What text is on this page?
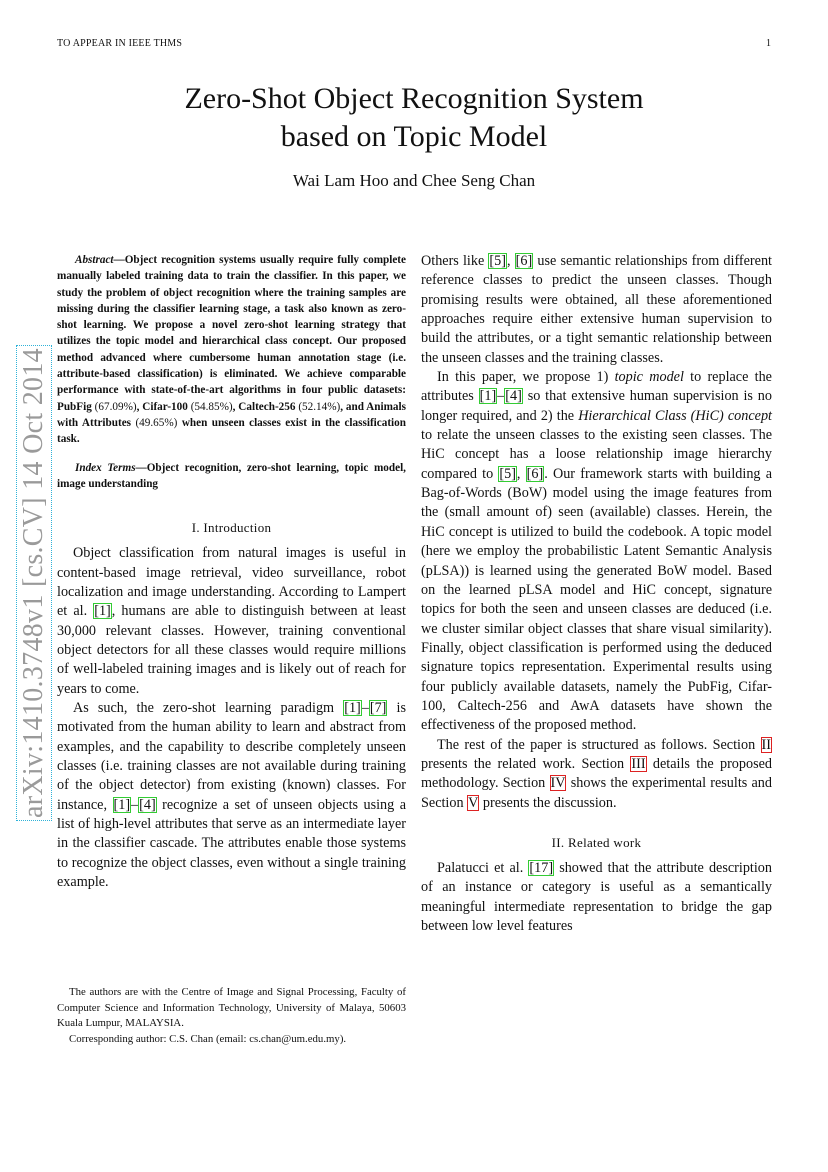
TO APPEAR IN IEEE THMS	1
Zero-Shot Object Recognition System
based on Topic Model
Wai Lam Hoo and Chee Seng Chan
arXiv:1410.3748v1 [cs.CV] 14 Oct 2014

Abstract—Object recognition systems usually require fully complete manually labeled training data to train the classifier. In this paper, we study the problem of object recognition where the training samples are missing during the classifier learning stage, a task also known as zero-shot learning. We propose a novel zero-shot learning strategy that utilizes the topic model and hierarchical class concept. Our proposed method advanced where cumbersome human annotation stage (i.e. attribute-based classification) is eliminated. We achieve comparable performance with state-of-the-art algorithms in four public datasets: PubFig (67.09%), Cifar-100 (54.85%), Caltech-256 (52.14%), and Animals with Attributes (49.65%) when unseen classes exist in the classification task.

Index Terms—Object recognition, zero-shot learning, topic model, image understanding

I. Introduction

Object classification from natural images is useful in content-based image retrieval, video surveillance, robot localization and image understanding. According to Lampert et al. [1], humans are able to distinguish between at least 30,000 relevant classes. However, training conventional object detectors for all these classes would require millions of well-labeled training images and is likely out of reach for years to come.

As such, the zero-shot learning paradigm [1]–[7] is motivated from the human ability to learn and abstract from examples, and the capability to describe completely unseen classes (i.e. training classes are not available during training of the object detector) from existing (known) classes. For instance, [1]–[4] recognize a set of unseen objects using a list of high-level attributes that serve as an intermediate layer in the classifier cascade. The attributes enable those systems to recognize the object classes, even without a single training example.

The authors are with the Centre of Image and Signal Processing, Faculty of Computer Science and Information Technology, University of Malaya, 50603 Kuala Lumpur, MALAYSIA.

Corresponding author: C.S. Chan (email: cs.chan@um.edu.my).

Others like [5], [6] use semantic relationships from different reference classes to predict the unseen classes. Though promising results were obtained, all these aforementioned approaches require either extensive human supervision to build the attributes, or a tight semantic relationship between the unseen classes and the training classes.

In this paper, we propose 1) topic model to replace the attributes [1]–[4] so that extensive human supervision is no longer required, and 2) the Hierarchical Class (HiC) concept to relate the unseen classes to the existing seen classes. The HiC concept has a loose relationship image hierarchy compared to [5], [6]. Our framework starts with building a Bag-of-Words (BoW) model using the image features from the (small amount of) seen (available) classes. Herein, the HiC concept is utilized to build the codebook. A topic model (here we employ the probabilistic Latent Semantic Analysis (pLSA)) is learned using the generated BoW model. Based on the learned pLSA model and HiC concept, signature topics for both the seen and unseen classes are deduced (i.e. we cluster similar object classes that share visual similarity). Finally, object classification is performed using the deduced signature topics representation. Experimental results using four publicly available datasets, namely the PubFig, Cifar-100, Caltech-256 and AwA datasets have shown the effectiveness of the proposed method.

The rest of the paper is structured as follows. Section II presents the related work. Section III details the proposed methodology. Section IV shows the experimental results and Section V presents the discussion.

II. Related work

Palatucci et al. [17] showed that the attribute description of an instance or category is useful as a semantically meaningful intermediate representation to bridge the gap between low level features
